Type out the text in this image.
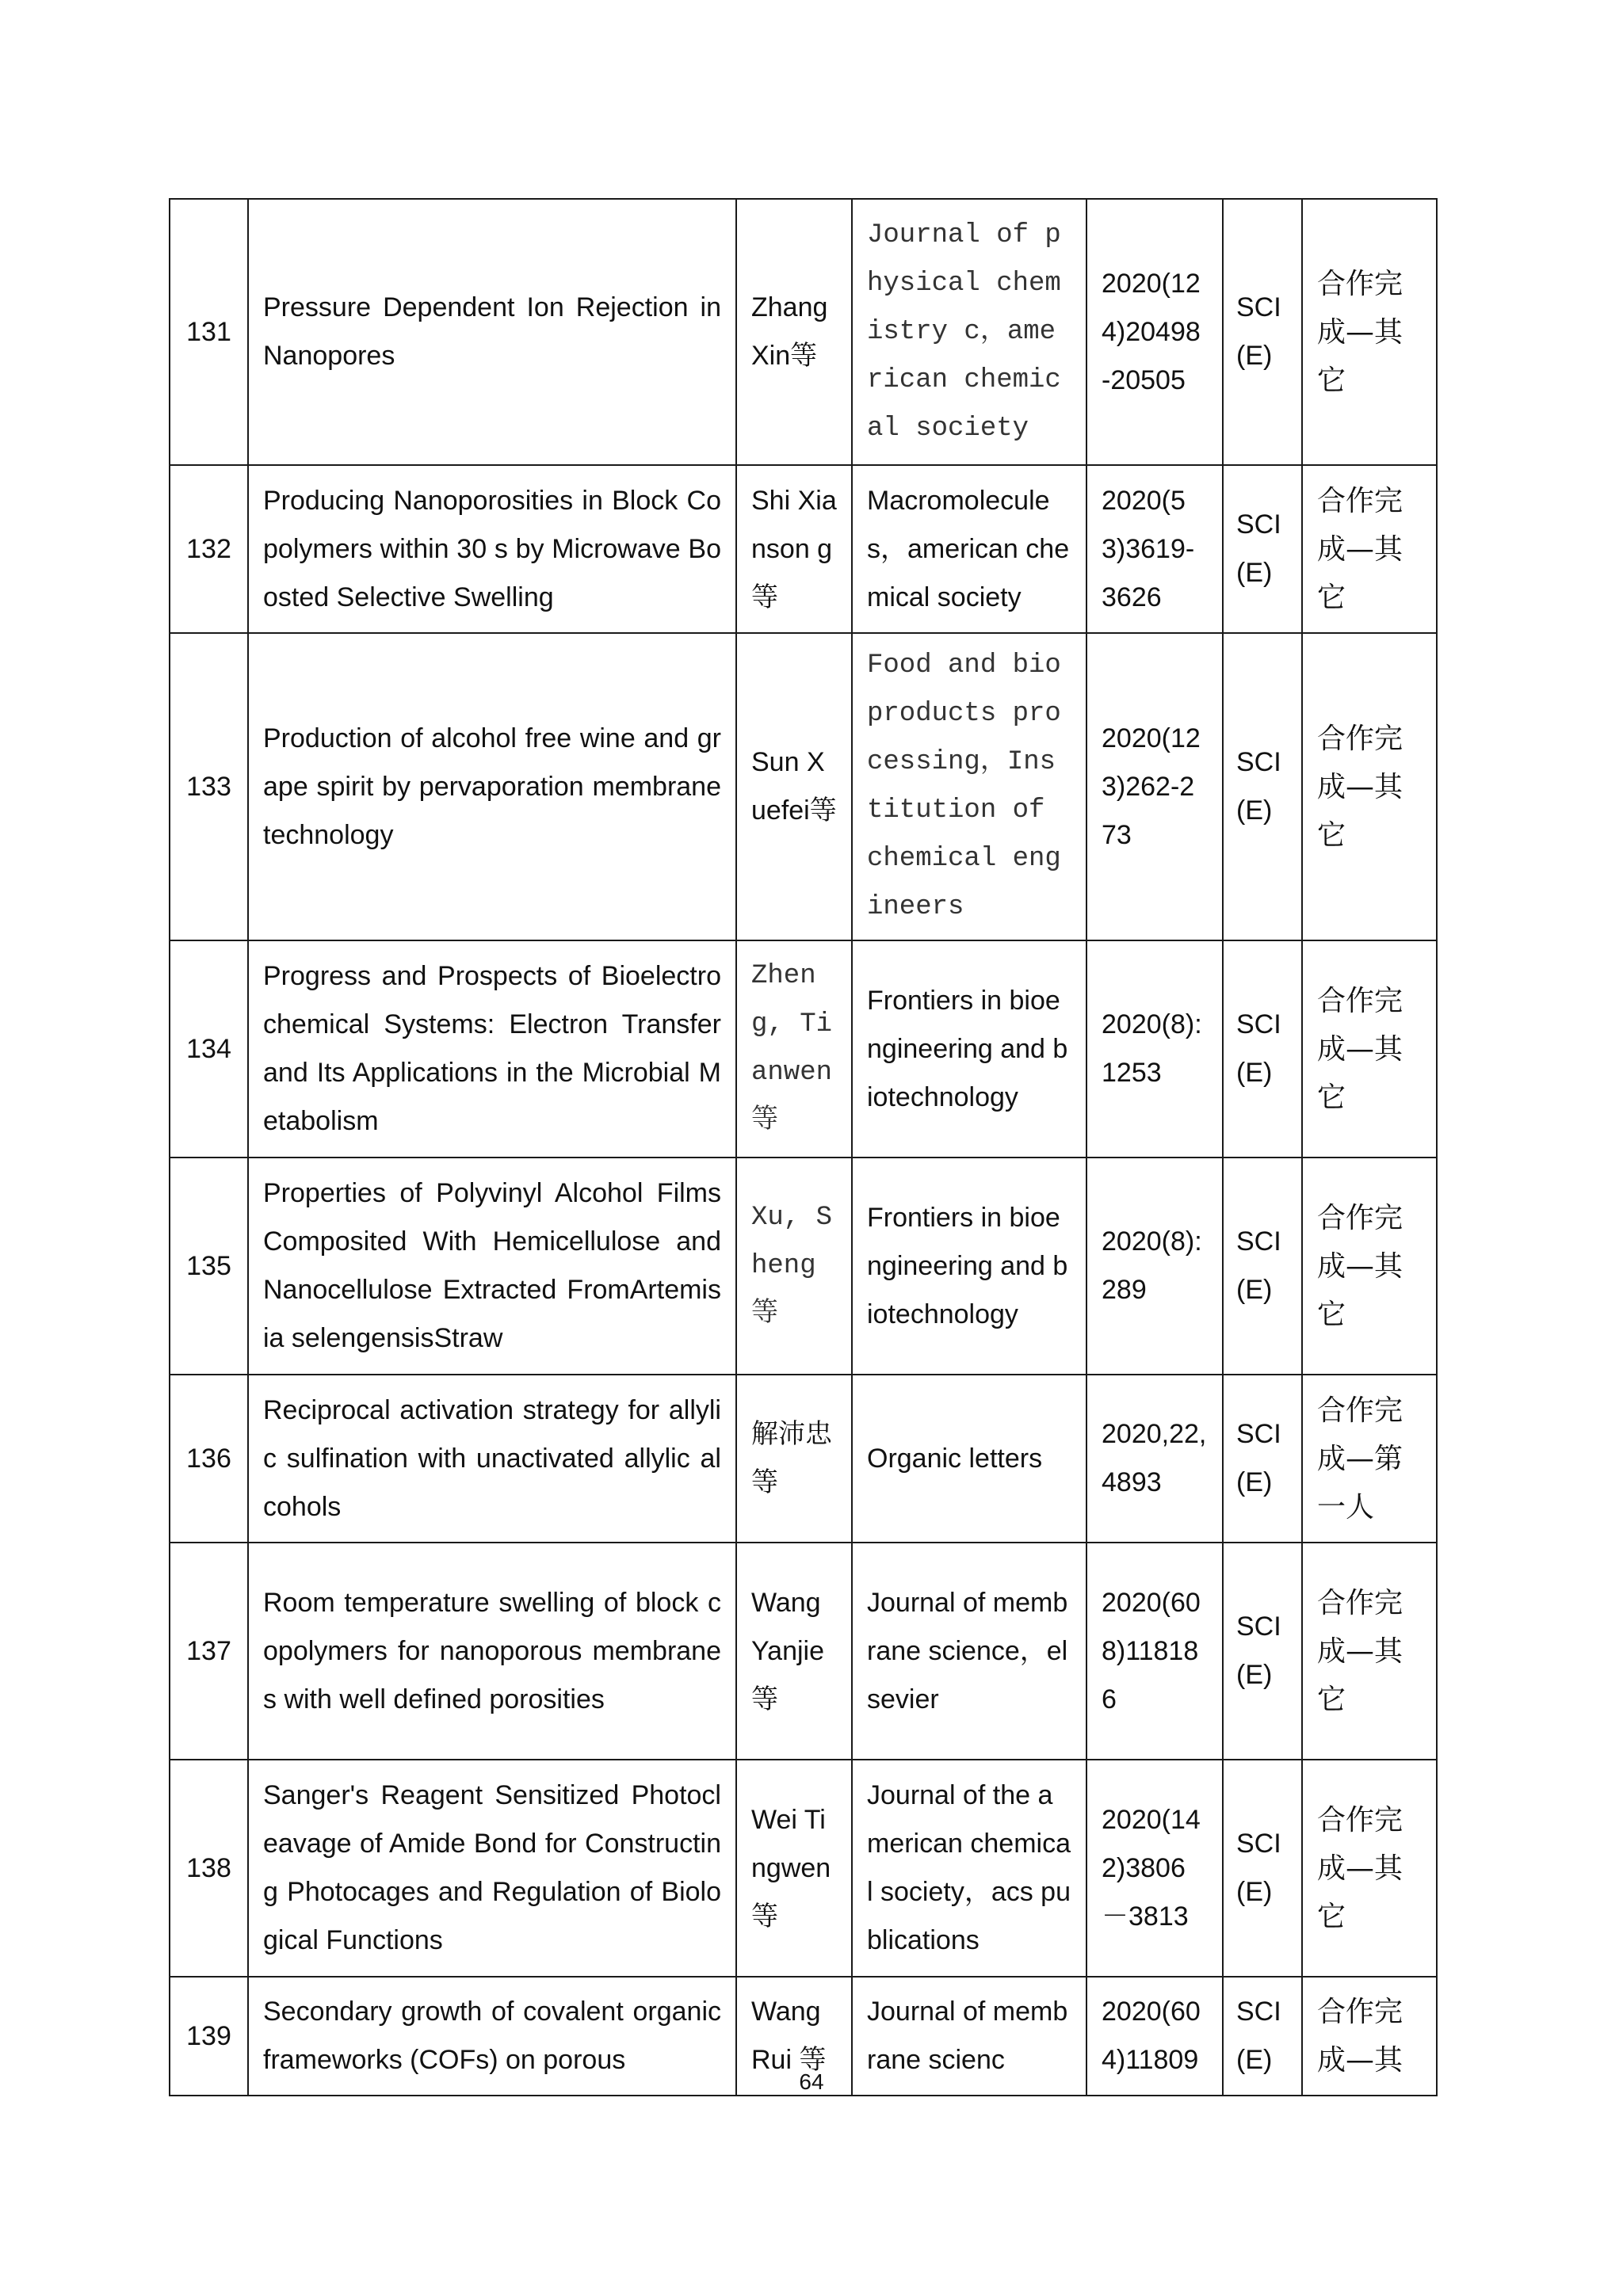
131	Pressure Dependent Ion Rejection in Nanopores	Zhang Xin等	Journal of physical chemistry c，american chemical society	2020(124)20498-20505	SCI (E)	合作完成—其它
132	Producing Nanoporosities in Block Copolymers within 30 s by Microwave Boosted Selective Swelling	Shi Xianson g 等	Macromolecules，american chemical society	2020(53)3619-3626	SCI (E)	合作完成—其它
133	Production of alcohol free wine and grape spirit by pervaporation membrane technology	Sun Xuefei等	Food and bioproducts processing，Institution of chemical engineers	2020(123)262-273	SCI (E)	合作完成—其它
134	Progress and Prospects of Bioelectrochemical Systems: Electron Transfer and Its Applications in the Microbial Metabolism	Zheng, Tianwen等	Frontiers in bioengineering and biotechnology	2020(8): 1253	SCI (E)	合作完成—其它
135	Properties of Polyvinyl Alcohol Films Composited With Hemicellulose and Nanocellulose Extracted FromArtemisia selengensisStraw	Xu, Sheng等	Frontiers in bioengineering and biotechnology	2020(8): 289	SCI (E)	合作完成—其它
136	Reciprocal activation strategy for allylic sulfination with unactivated allylic alcohols	解沛忠等	Organic letters	2020,22,4893	SCI (E)	合作完成—第一人
137	Room temperature swelling of block copolymers for nanoporous membranes with well defined porosities	Wang Yanjie等	Journal of membrane science，elsevier	2020(608)118186	SCI (E)	合作完成—其它
138	Sanger's Reagent Sensitized Photocleavage of Amide Bond for Constructing Photocages and Regulation of Biological Functions	Wei Tingwen等	Journal of the american chemical society，acs publications	2020(142)3806－3813	SCI (E)	合作完成—其它
139	Secondary growth of covalent organic frameworks (COFs) on porous	Wang Rui 等	Journal of membrane scienc	2020(604)11809	SCI (E)	合作完成—其
64
